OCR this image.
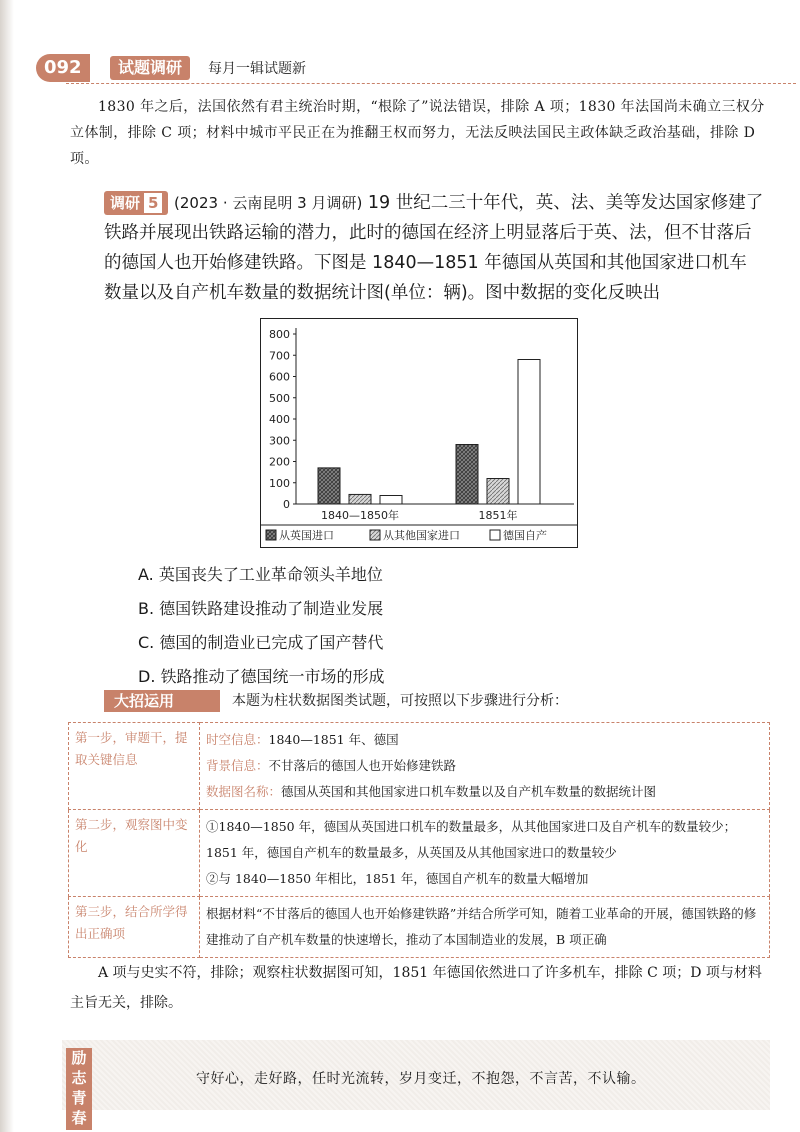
092	试题调研	每月一辑试题新
1830 年之后，法国依然有君主统治时期，“根除了”说法错误，排除 A 项；1830 年法国尚未确立三权分立体制，排除 C 项；材料中城市平民正在为推翻王权而努力，无法反映法国民主政体缺乏政治基础，排除 D 项。
调研 5 (2023 · 云南昆明 3 月调研) 19 世纪二三十年代，英、法、美等发达国家修建了铁路并展现出铁路运输的潜力，此时的德国在经济上明显落后于英、法，但不甘落后的德国人也开始修建铁路。下图是 1840—1851 年德国从英国和其他国家进口机车数量以及自产机车数量的数据统计图(单位：辆)。图中数据的变化反映出
0
100
200
300
400
500
600
700
800
1840—1850年	1851年
从英国进口	从其他国家进口	德国自产
A. 英国丧失了工业革命领头羊地位
B. 德国铁路建设推动了制造业发展
C. 德国的制造业已完成了国产替代
D. 铁路推动了德国统一市场的形成
大招运用	本题为柱状数据图类试题，可按照以下步骤进行分析：
第一步，审题干，提取关键信息	时空信息：1840—1851 年、德国
背景信息：不甘落后的德国人也开始修建铁路
数据图名称：德国从英国和其他国家进口机车数量以及自产机车数量的数据统计图

第二步，观察图中变化	①1840—1850 年，德国从英国进口机车的数量最多，从其他国家进口及自产机车的数量较少；1851 年，德国自产机车的数量最多，从英国及从其他国家进口的数量较少
②与 1840—1850 年相比，1851 年，德国自产机车的数量大幅增加

第三步，结合所学得出正确项	根据材料“不甘落后的德国人也开始修建铁路”并结合所学可知，随着工业革命的开展，德国铁路的修建推动了自产机车数量的快速增长，推动了本国制造业的发展，B 项正确
A 项与史实不符，排除；观察柱状数据图可知，1851 年德国依然进口了许多机车，排除 C 项；D 项与材料主旨无关，排除。
励志青春
守好心，走好路，任时光流转，岁月变迁，不抱怨，不言苦，不认输。
